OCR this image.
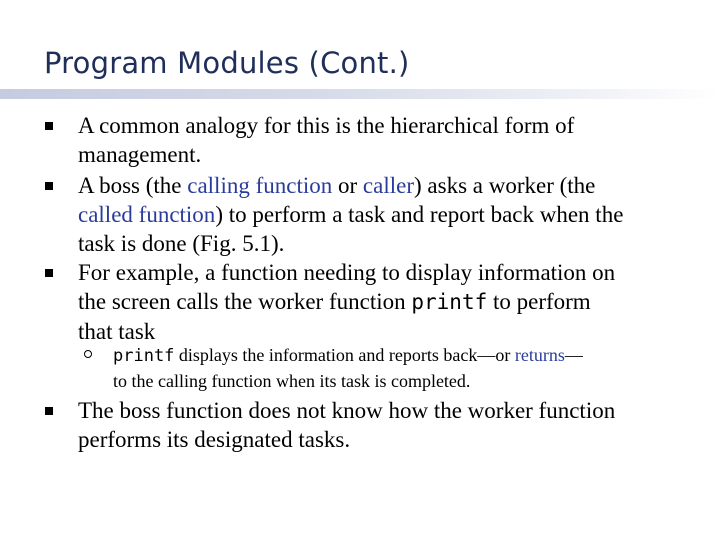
Program Modules (Cont.)
A common analogy for this is the hierarchical form of
management.
A boss (the calling function or caller) asks a worker (the
called function) to perform a task and report back when the
task is done (Fig. 5.1).
For example, a function needing to display information on
the screen calls the worker function printf to perform
that task
printf displays the information and reports back—or returns—
to the calling function when its task is completed.
The boss function does not know how the worker function
performs its designated tasks.
